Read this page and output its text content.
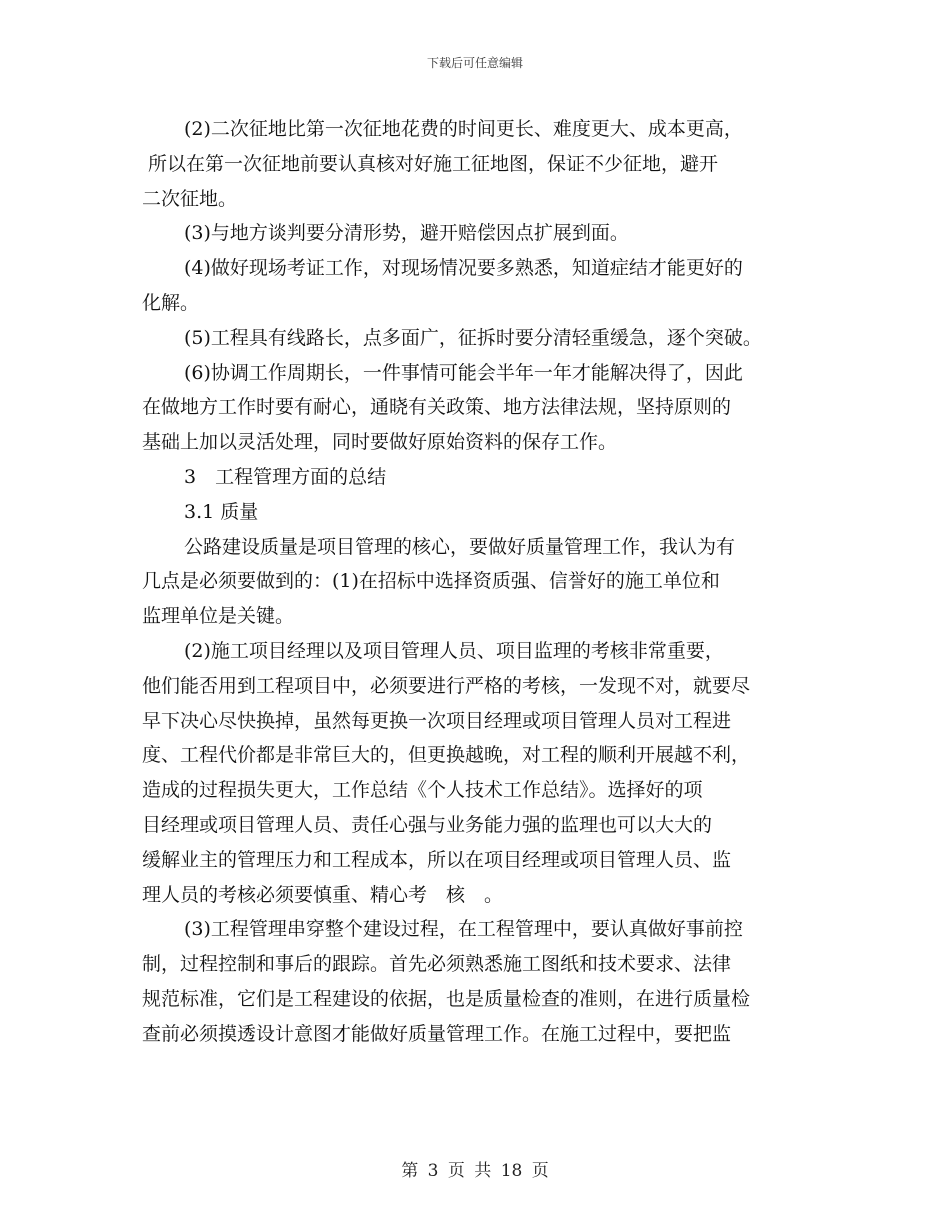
下载后可任意编辑
(2)二次征地比第一次征地花费的时间更长、难度更大、成本更高，
所以在第一次征地前要认真核对好施工征地图，保证不少征地，避开
二次征地。
(3)与地方谈判要分清形势，避开赔偿因点扩展到面。
(4)做好现场考证工作，对现场情况要多熟悉，知道症结才能更好的
化解。
(5)工程具有线路长，点多面广，征拆时要分清轻重缓急，逐个突破。
(6)协调工作周期长，一件事情可能会半年一年才能解决得了，因此
在做地方工作时要有耐心，通晓有关政策、地方法律法规，坚持原则的
基础上加以灵活处理，同时要做好原始资料的保存工作。
3　工程管理方面的总结
3.1 质量
公路建设质量是项目管理的核心，要做好质量管理工作，我认为有
几点是必须要做到的：(1)在招标中选择资质强、信誉好的施工单位和
监理单位是关键。
(2)施工项目经理以及项目管理人员、项目监理的考核非常重要，
他们能否用到工程项目中，必须要进行严格的考核，一发现不对，就要尽
早下决心尽快换掉，虽然每更换一次项目经理或项目管理人员对工程进
度、工程代价都是非常巨大的，但更换越晚，对工程的顺利开展越不利，
造成的过程损失更大，工作总结《个人技术工作总结》。选择好的项
目经理或项目管理人员、责任心强与业务能力强的监理也可以大大的
缓解业主的管理压力和工程成本，所以在项目经理或项目管理人员、监
理人员的考核必须要慎重、精心考　核　。
(3)工程管理串穿整个建设过程，在工程管理中，要认真做好事前控
制，过程控制和事后的跟踪。首先必须熟悉施工图纸和技术要求、法律
规范标准，它们是工程建设的依据，也是质量检查的准则，在进行质量检
查前必须摸透设计意图才能做好质量管理工作。在施工过程中，要把监
第 3 页 共 18 页
